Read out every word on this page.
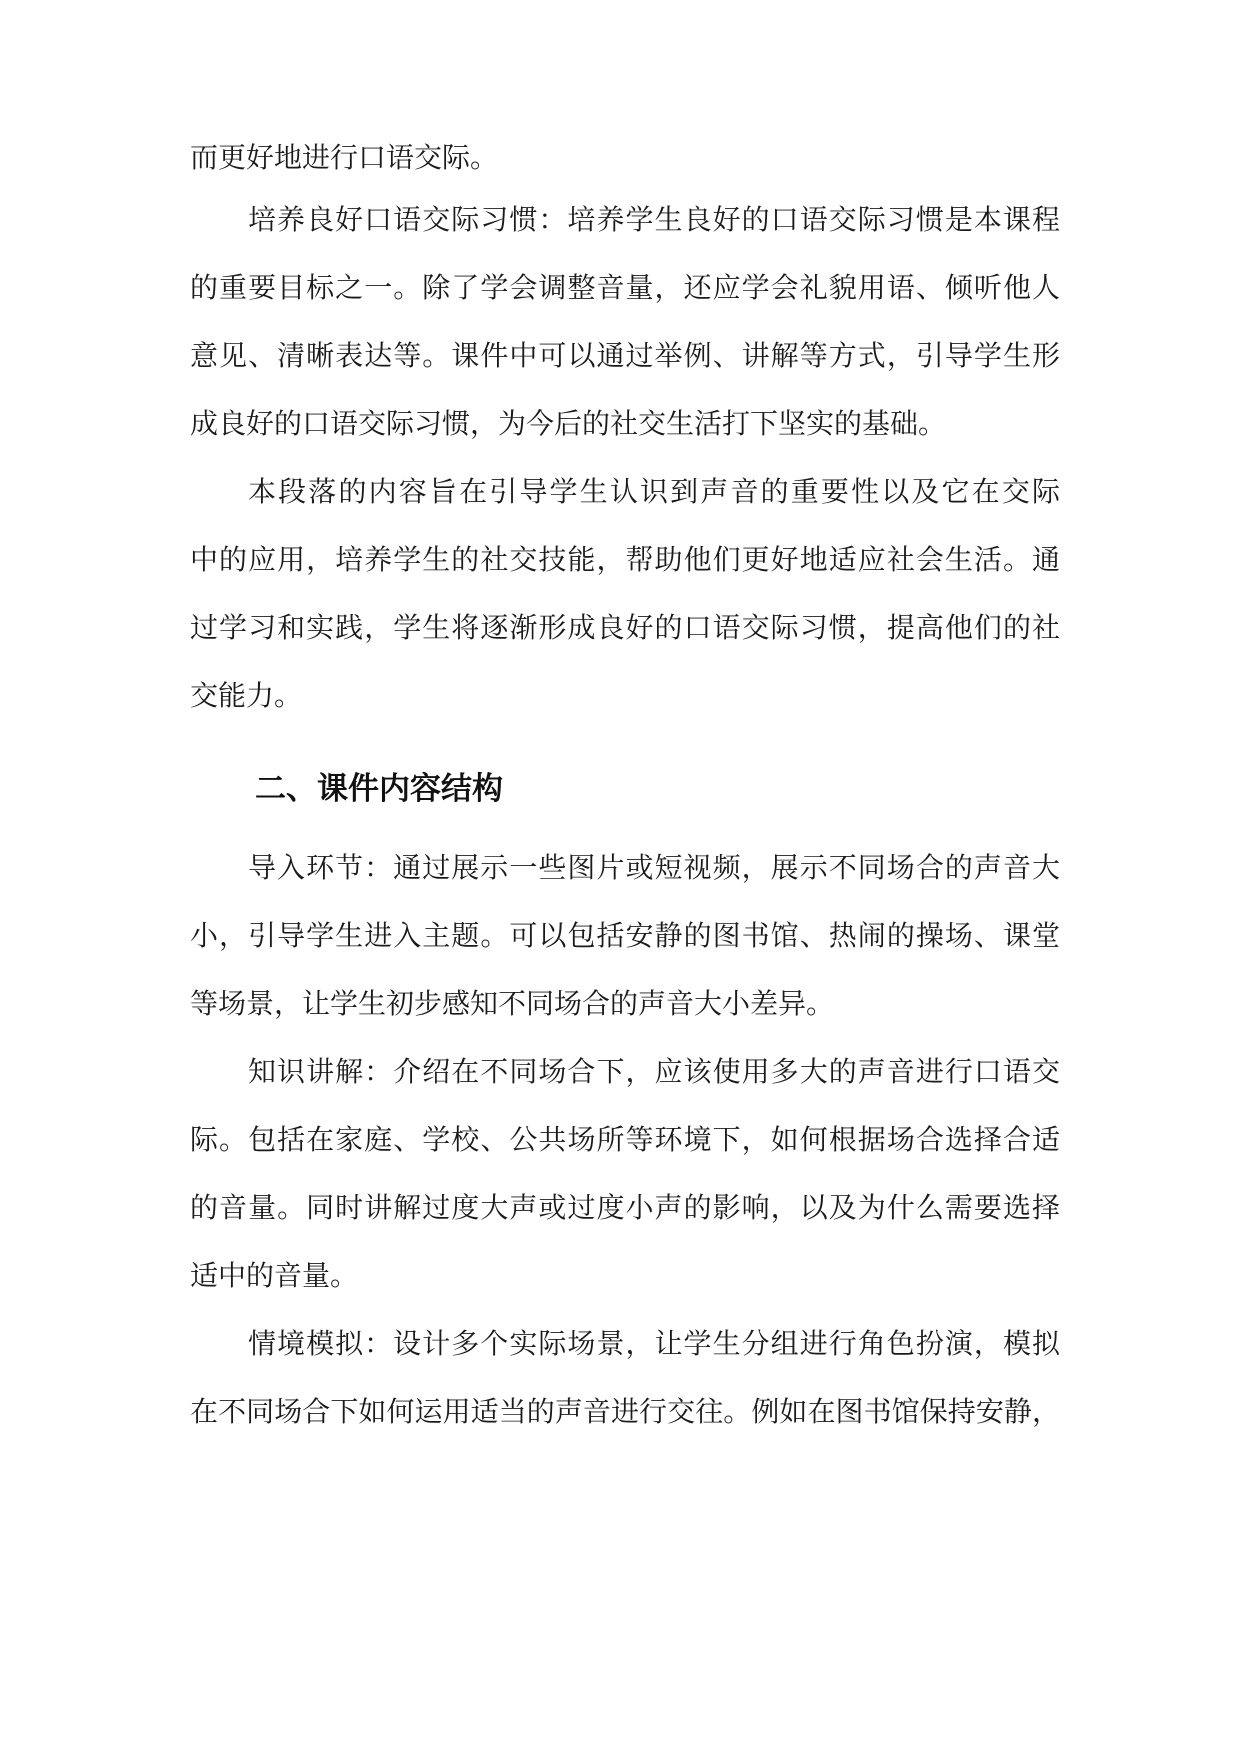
而更好地进行口语交际。
培养良好口语交际习惯：培养学生良好的口语交际习惯是本课程
的重要目标之一。除了学会调整音量，还应学会礼貌用语、倾听他人
意见、清晰表达等。课件中可以通过举例、讲解等方式，引导学生形
成良好的口语交际习惯，为今后的社交生活打下坚实的基础。
本段落的内容旨在引导学生认识到声音的重要性以及它在交际
中的应用，培养学生的社交技能，帮助他们更好地适应社会生活。通
过学习和实践，学生将逐渐形成良好的口语交际习惯，提高他们的社
交能力。
二、课件内容结构
导入环节：通过展示一些图片或短视频，展示不同场合的声音大
小，引导学生进入主题。可以包括安静的图书馆、热闹的操场、课堂
等场景，让学生初步感知不同场合的声音大小差异。
知识讲解：介绍在不同场合下，应该使用多大的声音进行口语交
际。包括在家庭、学校、公共场所等环境下，如何根据场合选择合适
的音量。同时讲解过度大声或过度小声的影响，以及为什么需要选择
适中的音量。
情境模拟：设计多个实际场景，让学生分组进行角色扮演，模拟
在不同场合下如何运用适当的声音进行交往。例如在图书馆保持安静，
